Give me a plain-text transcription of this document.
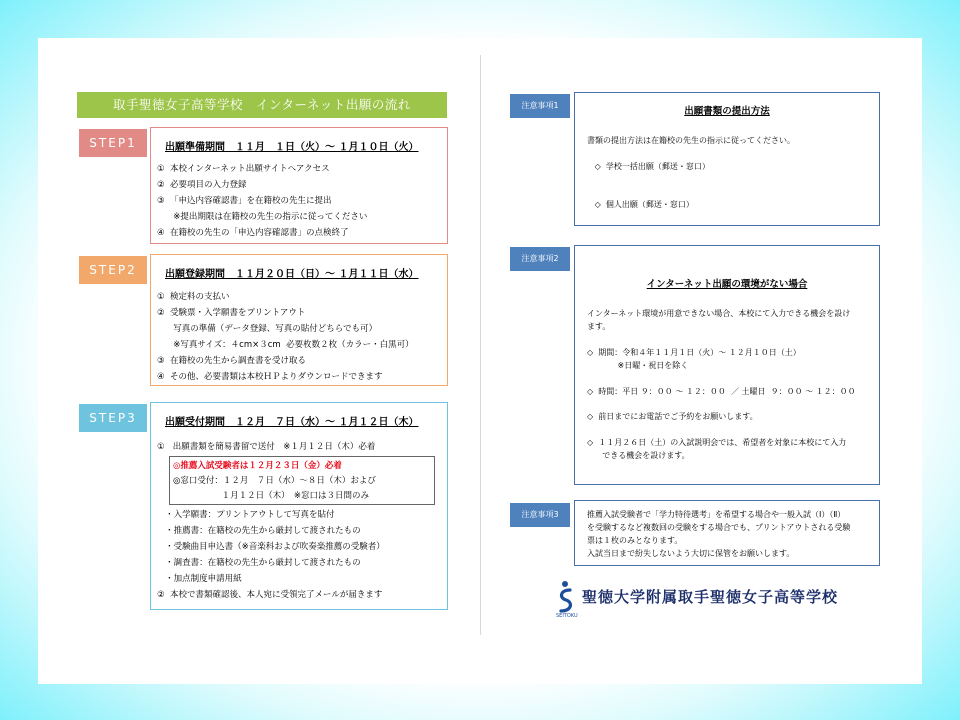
取手聖徳女子高等学校　インターネット出願の流れ
STEP1	出願準備期間　１１月　１日（火）～ １月１０日（火）
①  本校インターネット出願サイトへアクセス
②  必要項目の入力登録
③  「申込内容確認書」を在籍校の先生に提出
※提出期限は在籍校の先生の指示に従ってください
④  在籍校の先生の「申込内容確認書」の点検終了
STEP2	出願登録期間　１１月２０日（日）～ １月１１日（水）
①  検定料の支払い
②  受験票・入学願書をプリントアウト
写真の準備（データ登録、写真の貼付どちらでも可）
※写真サイズ：４cm×３cm  必要枚数２枚（カラー・白黒可）
③  在籍校の先生から調査書を受け取る
④  その他、必要書類は本校ＨＰよりダウンロードできます
STEP3	出願受付期間　１２月　７日（水）～ １月１２日（木）
①   出願書類を簡易書留で送付　※１月１２日（木）必着
◎推薦入試受験者は１２月２３日（金）必着
◎窓口受付：１２月　７日（水）～８日（木）および
１月１２日（木）　※窓口は３日間のみ
・入学願書：プリントアウトして写真を貼付
・推薦書：在籍校の先生から厳封して渡されたもの
・受験曲目申込書（※音楽科および吹奏楽推薦の受験者）
・調査書：在籍校の先生から厳封して渡されたもの
・加点制度申請用紙
②  本校で書類確認後、本人宛に受領完了メールが届きます
注意事項1
出願書類の提出方法
書類の提出方法は在籍校の先生の指示に従ってください。
◇  学校一括出願（郵送・窓口）
◇  個人出願（郵送・窓口）
注意事項2
インターネット出願の環境がない場合
インターネット環境が用意できない場合、本校にて入力できる機会を設け
ます。
◇  期間：令和４年１１月１日（火）～ １２月１０日（土）
※日曜・祝日を除く
◇  時間：平日 ９：００ ～ １２：００  ／ 土曜日  ９：００ ～ １２：００
◇  前日までにお電話でご予約をお願いします。
◇  １１月２６日（土）の入試説明会では、希望者を対象に本校にて入力
できる機会を設けます。
注意事項3	推薦入試受験者で「学力特待選考」を希望する場合や一般入試（Ⅰ）（Ⅱ）
を受験するなど複数回の受験をする場合でも、プリントアウトされる受験
票は１枚のみとなります。
入試当日まで紛失しないよう大切に保管をお願いします。
SEITOKU
聖徳大学附属取手聖徳女子高等学校
